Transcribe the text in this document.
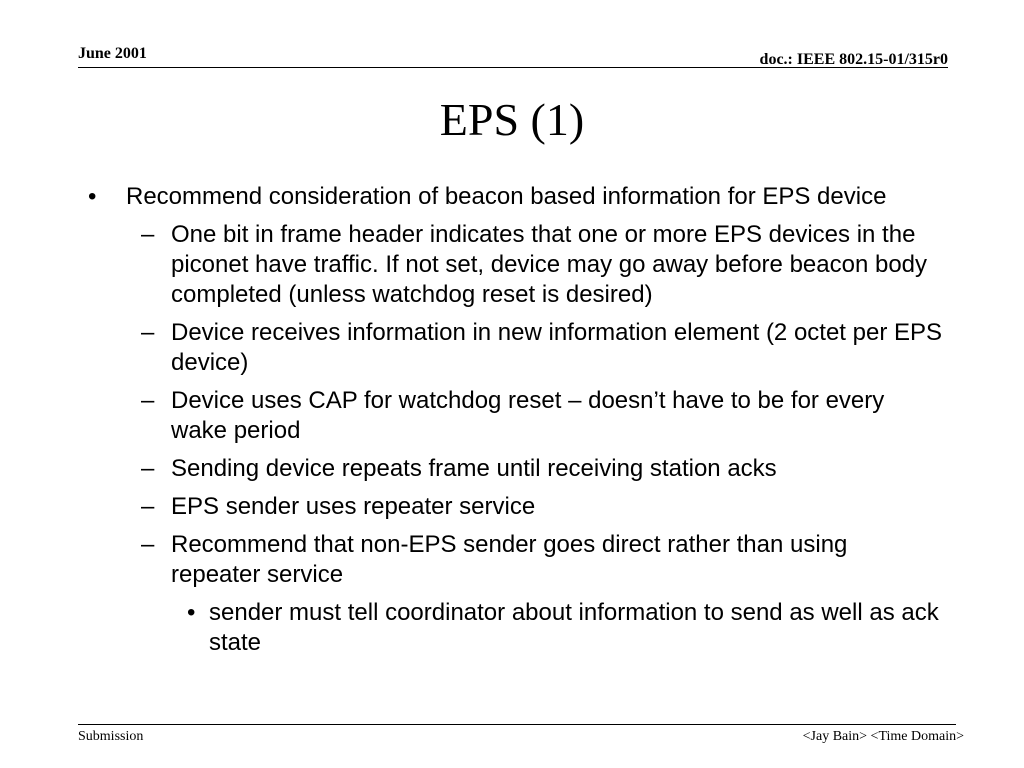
June 2001	doc.: IEEE 802.15-01/315r0
EPS (1)
• Recommend consideration of beacon based information for EPS device
– One bit in frame header indicates that one or more EPS devices in the piconet have traffic. If not set, device may go away before beacon body completed (unless watchdog reset is desired)
– Device receives information in new information element (2 octet per EPS device)
– Device uses CAP for watchdog reset – doesn’t have to be for every wake period
– Sending device repeats frame until receiving station acks
– EPS sender uses repeater service
– Recommend that non-EPS sender goes direct rather than using repeater service
• sender must tell coordinator about information to send as well as ack state
Submission	<Jay Bain> <Time Domain>
